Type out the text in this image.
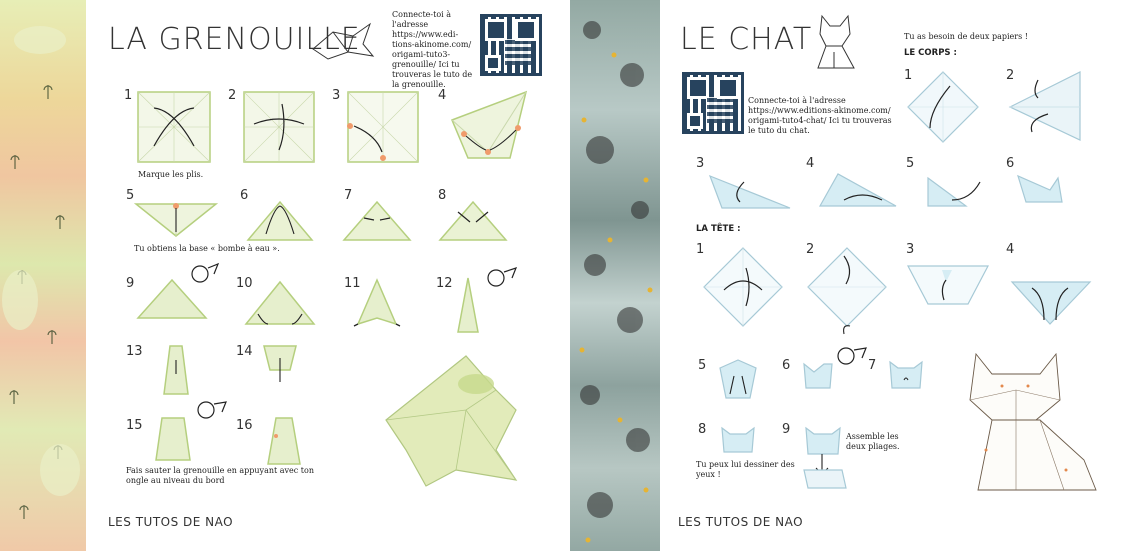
LA GRENOUILLE
Connecte-toi à l'adresse https://www.edi-tions-akinome.com/ origami-tuto3-grenouille/ Ici tu trouveras le tuto de la grenouille.
1
Marque les plis.
2	3	4
5
Tu obtiens la base « bombe à eau ».
6	7	8
9	10	11	12
13	14
15	16
Fais sauter la grenouille en appuyant avec ton ongle au niveau du bord
LES TUTOS DE NAO
LE CHAT	Tu as besoin de deux papiers !
LE CORPS :
Connecte-toi à l'adresse https://www.editions-akinome.com/ origami-tuto4-chat/ Ici tu trouveras le tuto du chat.
1	2
3	4	5	6
LA TÊTE :
1	2	3	4
5	6	7
8
Tu peux lui dessiner des yeux !
9	Assemble les deux pliages.
LES TUTOS DE NAO
